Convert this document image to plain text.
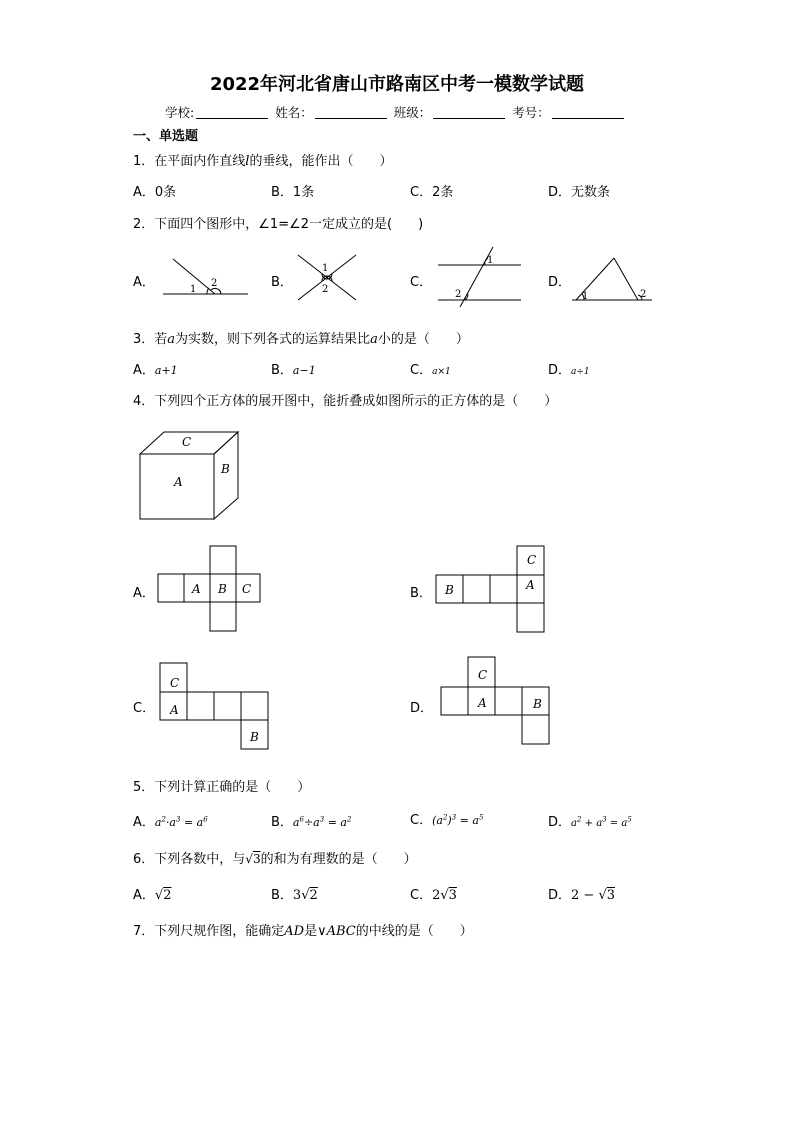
2022年河北省唐山市路南区中考一模数学试题
学校:	姓名：	班级：	考号：
一、单选题
1．在平面内作直线l的垂线，能作出（　　）
A．0条	B．1条	C．2条	D．无数条
2．下面四个图形中，∠1=∠2一定成立的是(　　)
A．	B．	C．	D．
1
2
1
2
1
2	1	2
3．若a为实数，则下列各式的运算结果比a小的是（　　）
A．a+1	B．a−1	C．a×1	D．a÷1
4．下列四个正方体的展开图中，能折叠成如图所示的正方体的是（　　）
C
A
B
A．	A B C	B． B
C
A
C．
C
A
B
D．
C
A	B
5．下列计算正确的是（　　）
A．$a^2\cdot a^3 = a^6$	B．$a^6\div a^3 = a^2$	C．$(a^2)^3 = a^5$	D．$a^2 + a^3 = a^5$
6．下列各数中，与√3的和为有理数的是（　　）
A．√2	B．3√2	C．2√3	D．2 − √3
7．下列尺规作图，能确定AD是∨ABC的中线的是（　　）
